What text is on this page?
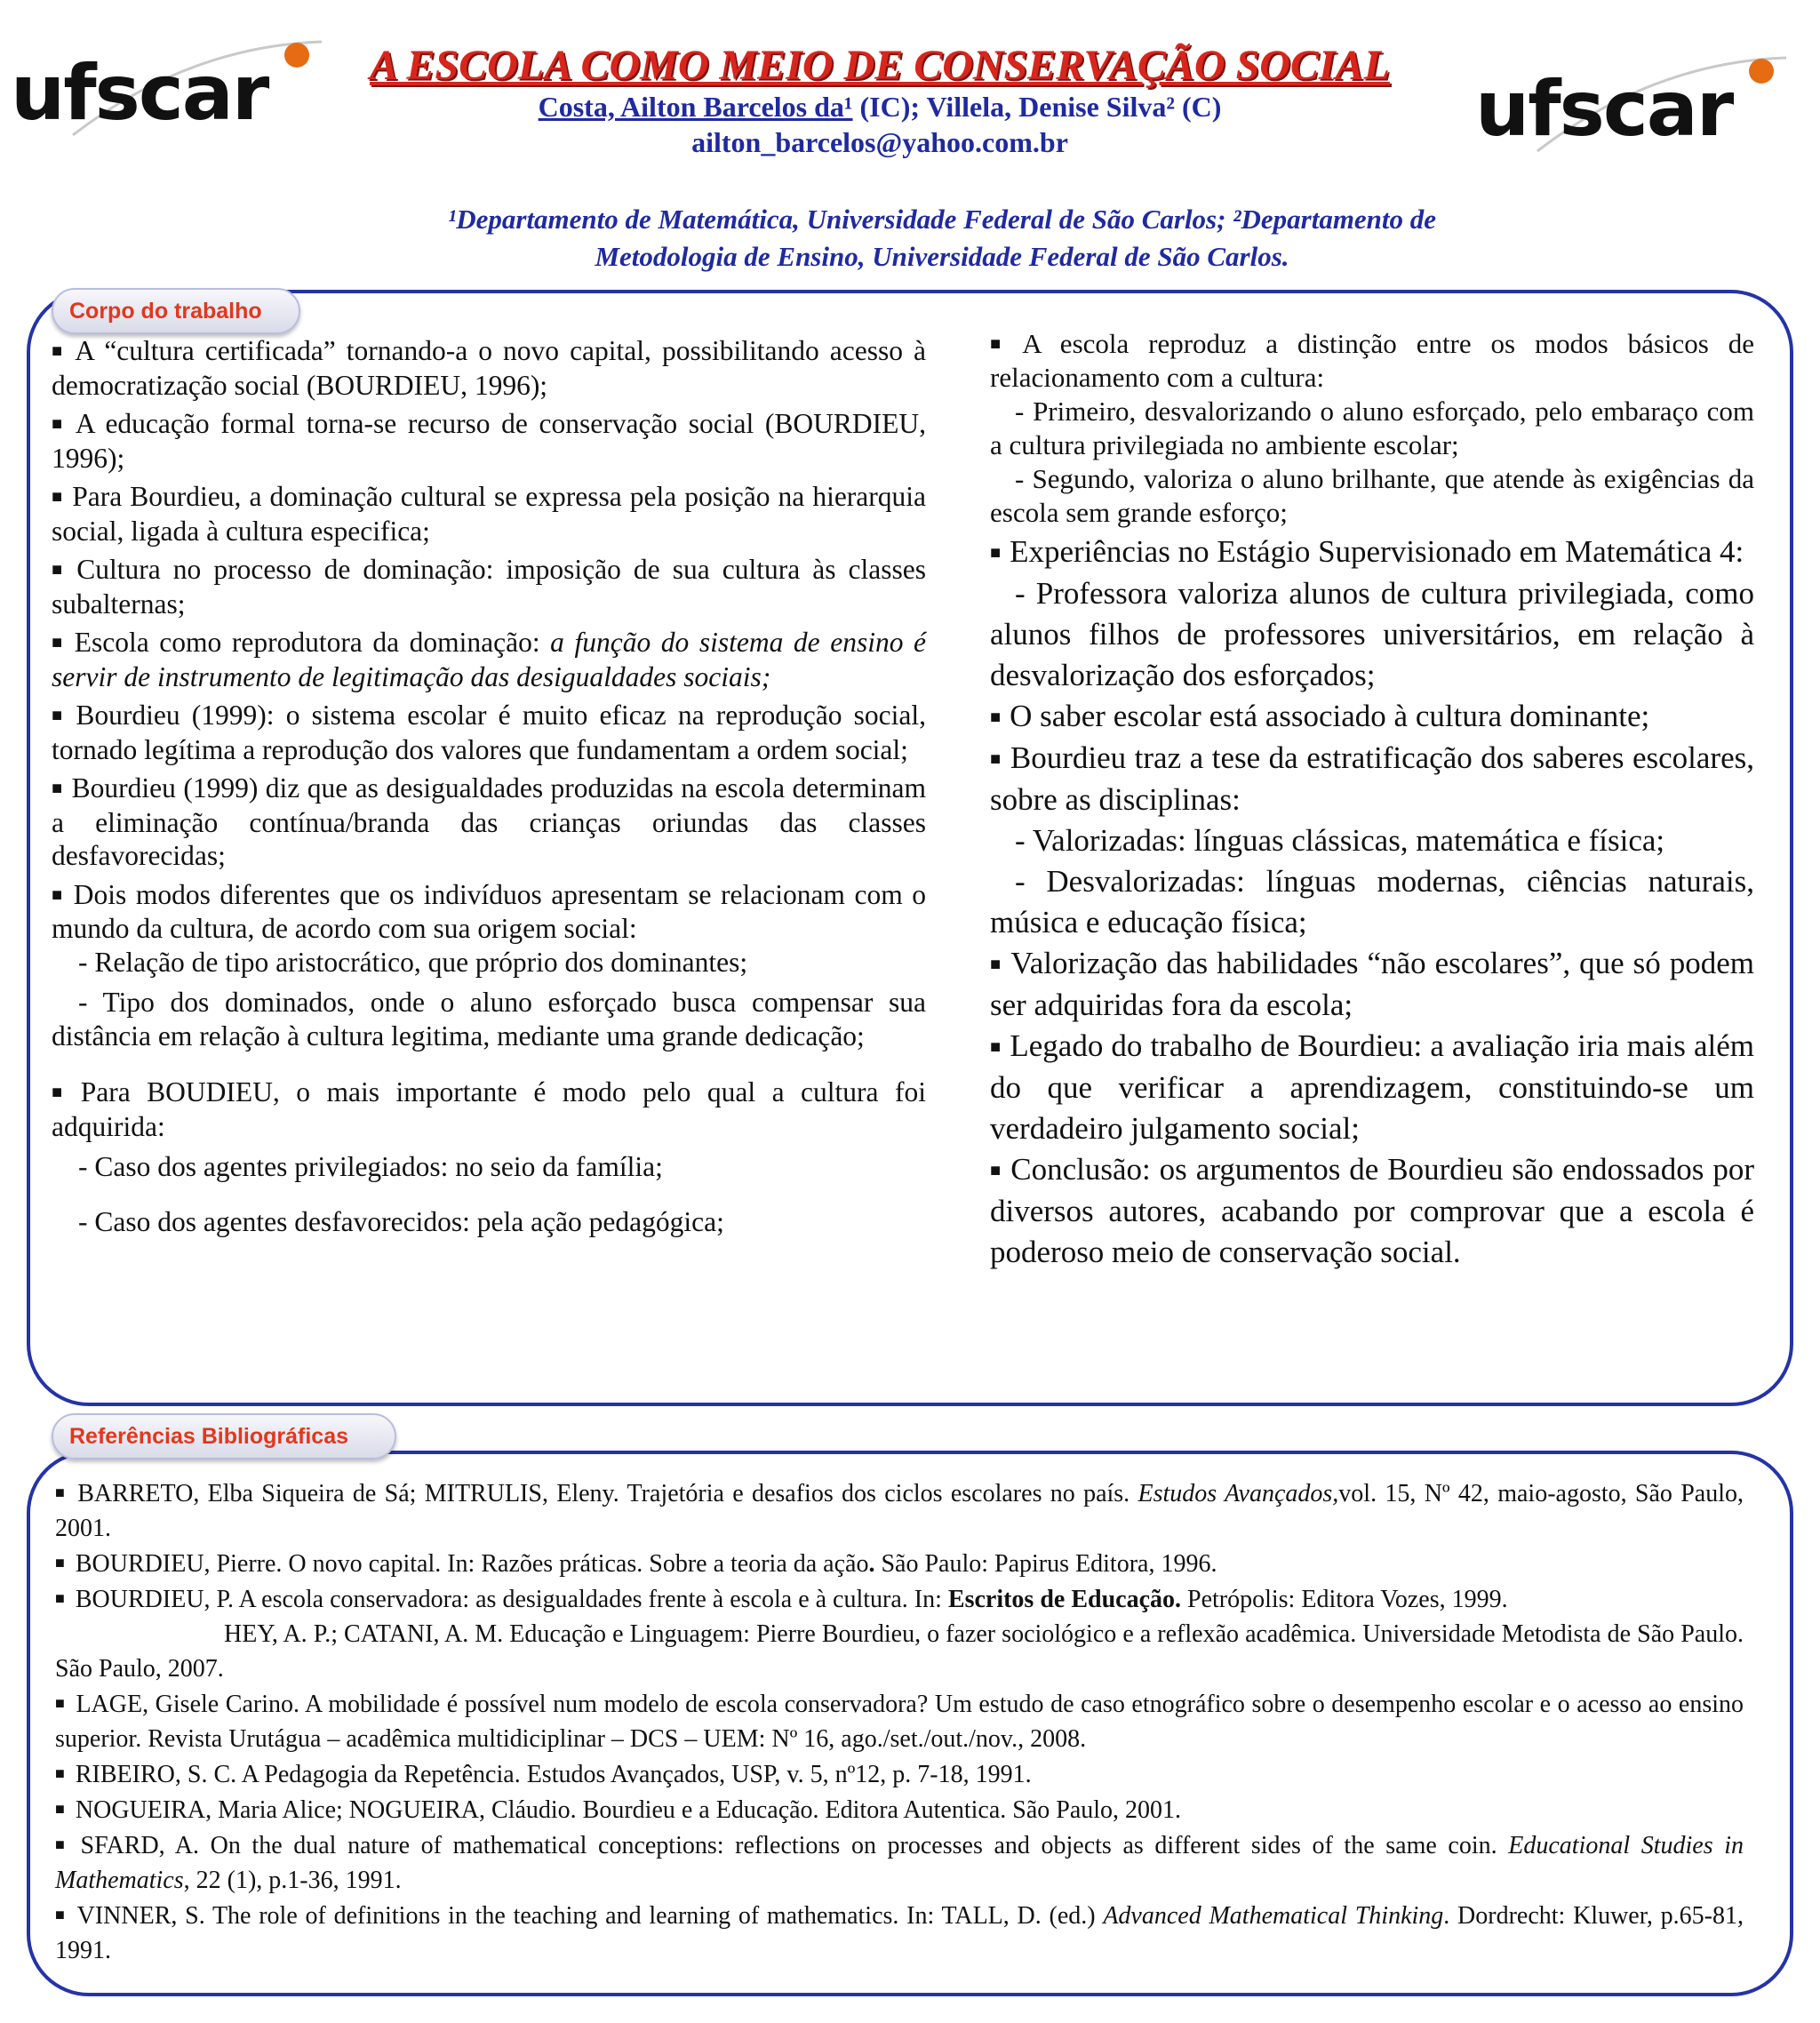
ufscar	ufscar
A ESCOLA COMO MEIO DE CONSERVAÇÃO SOCIAL
Costa, Ailton Barcelos da¹ (IC); Villela, Denise Silva² (C)
ailton_barcelos@yahoo.com.br
¹Departamento de Matemática, Universidade Federal de São Carlos; ²Departamento de
Metodologia de Ensino, Universidade Federal de São Carlos.
Corpo do trabalho
■ A “cultura certificada” tornando-a o novo capital, possibilitando acesso à democratização social (BOURDIEU, 1996);
■ A educação formal torna-se recurso de conservação social (BOURDIEU, 1996);
■ Para Bourdieu, a dominação cultural se expressa pela posição na hierarquia social, ligada à cultura especifica;
■ Cultura no processo de dominação: imposição de sua cultura às classes subalternas;
■ Escola como reprodutora da dominação: a função do sistema de ensino é servir de instrumento de legitimação das desigualdades sociais;
■ Bourdieu (1999): o sistema escolar é muito eficaz na reprodução social, tornado legítima a reprodução dos valores que fundamentam a ordem social;
■ Bourdieu (1999) diz que as desigualdades produzidas na escola determinam a eliminação contínua/branda das crianças oriundas das classes desfavorecidas;
■ Dois modos diferentes que os indivíduos apresentam se relacionam com o mundo da cultura, de acordo com sua origem social:
- Relação de tipo aristocrático, que próprio dos dominantes;
- Tipo dos dominados, onde o aluno esforçado busca compensar sua distância em relação à cultura legitima, mediante uma grande dedicação;
■ Para BOUDIEU, o mais importante é modo pelo qual a cultura foi adquirida:
- Caso dos agentes privilegiados: no seio da família;
- Caso dos agentes desfavorecidos: pela ação pedagógica;
■ A escola reproduz a distinção entre os modos básicos de relacionamento com a cultura:
- Primeiro, desvalorizando o aluno esforçado, pelo embaraço com a cultura privilegiada no ambiente escolar;
- Segundo, valoriza o aluno brilhante, que atende às exigências da escola sem grande esforço;
■ Experiências no Estágio Supervisionado em Matemática 4:
- Professora valoriza alunos de cultura privilegiada, como alunos filhos de professores universitários, em relação à desvalorização dos esforçados;
■ O saber escolar está associado à cultura dominante;
■ Bourdieu traz a tese da estratificação dos saberes escolares, sobre as disciplinas:
- Valorizadas: línguas clássicas, matemática e física;
- Desvalorizadas: línguas modernas, ciências naturais, música e educação física;
■ Valorização das habilidades “não escolares”, que só podem ser adquiridas fora da escola;
■ Legado do trabalho de Bourdieu: a avaliação iria mais além do que verificar a aprendizagem, constituindo-se um verdadeiro julgamento social;
■ Conclusão: os argumentos de Bourdieu são endossados por diversos autores, acabando por comprovar que a escola é poderoso meio de conservação social.
Referências Bibliográficas
■ BARRETO, Elba Siqueira de Sá; MITRULIS, Eleny. Trajetória e desafios dos ciclos escolares no país. Estudos Avançados,vol. 15, Nº 42, maio-agosto, São Paulo, 2001.
■ BOURDIEU, Pierre. O novo capital. In: Razões práticas. Sobre a teoria da ação. São Paulo: Papirus Editora, 1996.
■ BOURDIEU, P. A escola conservadora: as desigualdades frente à escola e à cultura. In: Escritos de Educação. Petrópolis: Editora Vozes, 1999.
HEY, A. P.; CATANI, A. M. Educação e Linguagem: Pierre Bourdieu, o fazer sociológico e a reflexão acadêmica. Universidade Metodista de São Paulo. São Paulo, 2007.
■ LAGE, Gisele Carino. A mobilidade é possível num modelo de escola conservadora? Um estudo de caso etnográfico sobre o desempenho escolar e o acesso ao ensino superior. Revista Urutágua – acadêmica multidiciplinar – DCS – UEM: Nº 16, ago./set./out./nov., 2008.
■ RIBEIRO, S. C. A Pedagogia da Repetência. Estudos Avançados, USP, v. 5, nº12, p. 7-18, 1991.
■ NOGUEIRA, Maria Alice; NOGUEIRA, Cláudio. Bourdieu e a Educação. Editora Autentica. São Paulo, 2001.
■ SFARD, A. On the dual nature of mathematical conceptions: reflections on processes and objects as different sides of the same coin. Educational Studies in Mathematics, 22 (1), p.1-36, 1991.
■ VINNER, S. The role of definitions in the teaching and learning of mathematics. In: TALL, D. (ed.) Advanced Mathematical Thinking. Dordrecht: Kluwer, p.65-81, 1991.
